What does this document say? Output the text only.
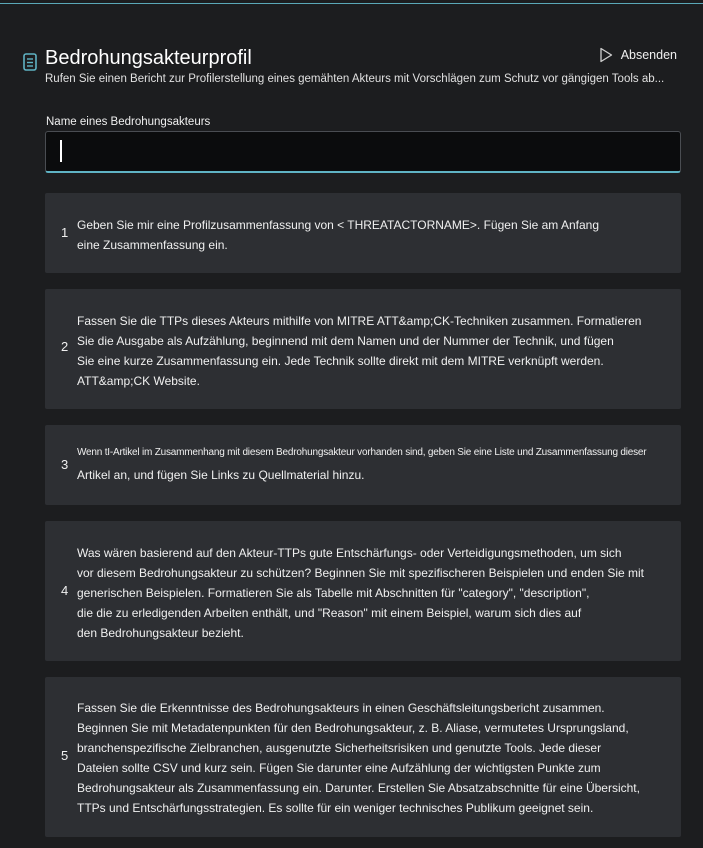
Bedrohungsakteurprofil
Rufen Sie einen Bericht zur Profilerstellung eines gemähten Akteurs mit Vorschlägen zum Schutz vor gängigen Tools ab...
Absenden
Name eines Bedrohungsakteurs
1 Geben Sie mir eine Profilzusammenfassung von < THREATACTORNAME>. Fügen Sie am Anfang
eine Zusammenfassung ein.
2
Fassen Sie die TTPs dieses Akteurs mithilfe von MITRE ATT&amp;CK-Techniken zusammen. Formatieren
Sie die Ausgabe als Aufzählung, beginnend mit dem Namen und der Nummer der Technik, und fügen
Sie eine kurze Zusammenfassung ein. Jede Technik sollte direkt mit dem MITRE verknüpft werden.
ATT&amp;CK Website.
3
Wenn tI-Artikel im Zusammenhang mit diesem Bedrohungsakteur vorhanden sind, geben Sie eine Liste und Zusammenfassung dieser
Artikel an, und fügen Sie Links zu Quellmaterial hinzu.
4
Was wären basierend auf den Akteur-TTPs gute Entschärfungs- oder Verteidigungsmethoden, um sich
vor diesem Bedrohungsakteur zu schützen? Beginnen Sie mit spezifischeren Beispielen und enden Sie mit
generischen Beispielen. Formatieren Sie als Tabelle mit Abschnitten für "category", "description",
die die zu erledigenden Arbeiten enthält, und "Reason" mit einem Beispiel, warum sich dies auf
den Bedrohungsakteur bezieht.
5
Fassen Sie die Erkenntnisse des Bedrohungsakteurs in einen Geschäftsleitungsbericht zusammen.
Beginnen Sie mit Metadatenpunkten für den Bedrohungsakteur, z. B. Aliase, vermutetes Ursprungsland,
branchenspezifische Zielbranchen, ausgenutzte Sicherheitsrisiken und genutzte Tools. Jede dieser
Dateien sollte CSV und kurz sein. Fügen Sie darunter eine Aufzählung der wichtigsten Punkte zum
Bedrohungsakteur als Zusammenfassung ein. Darunter. Erstellen Sie Absatzabschnitte für eine Übersicht,
TTPs und Entschärfungsstrategien. Es sollte für ein weniger technisches Publikum geeignet sein.
